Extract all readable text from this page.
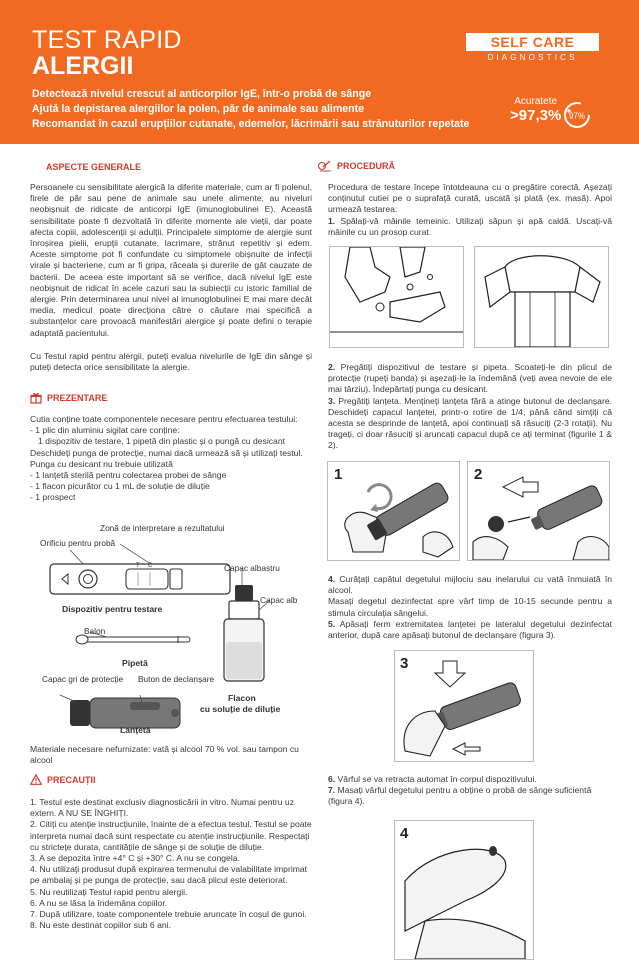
TEST RAPID
ALERGII
Detectează nivelul crescut al anticorpilor IgE, într-o probă de sânge
Ajută la depistarea alergiilor la polen, păr de animale sau alimente
Recomandat în cazul erupțiilor cutanate, edemelor, lăcrimării sau strănuturilor repetate
SELF CARE
DIAGNOSTICS
Acuratete
>97,3% 97%
ASPECTE GENERALE

Persoanele cu sensibilitate alergică la diferite materiale, cum ar fi polenul, firele de păr sau pene de animale sau unele alimente, au niveluri neobișnuit de ridicate de anticorpi IgE (imunoglobulinei E). Această sensibilitate poate fi dezvoltată în diferite momente ale vieții, dar poate afecta copiii, adolescenții și adulții. Principalele simptome de alergie sunt înroșirea pielii, erupții cutanate, lacrimare, strănut repetitiv și edem. Aceste simptome pot fi confundate cu simptomele obișnuite de infecții virale și bacteriene, cum ar fi gripa, răceala și durerile de gât cauzate de bacterii. De aceea este important să se verifice, dacă nivelul IgE este neobișnuit de ridicat în acele cazuri sau la subiecții cu istoric familial de alergie. Prin determinarea unui nivel al imunoglobulinei E mai mare decât media, medicul poate direcționa către o căutare mai specifică a substanțelor care provoacă manifestări alergice și poate defini o terapie adaptată pacientului.

Cu Testul rapid pentru alergii, puteți evalua nivelurile de IgE din sânge și puteți detecta orice sensibilitate la alergie.

PREZENTARE
Cutia conține toate componentele necesare pentru efectuarea testului:
- 1 plic din aluminiu sigilat care conține:
1 dispozitiv de testare, 1 pipetă din plastic și o pungă cu desicant
Deschideți punga de protecție, numai dacă urmează să și utilizați testul. Punga cu desicant nu trebuie utilizată
- 1 lanțetă sterilă pentru colectarea probei de sânge
- 1 flacon picurător cu 1 mL de soluție de diluție
- 1 prospect
Zonă de interpretare a rezultatului
Orificiu pentru probă
T C	Capac albastru
Capac alb
Dispozitiv pentru testare
Balon
Pipetă
Capac gri de protecție Buton de declanșare
Flacon
cu soluție de diluție
Lanțetă
Materiale necesare nefurnizate: vată și alcool 70 % vol. sau tampon cu alcool
PRECAUȚII
1. Testul este destinat exclusiv diagnosticării in vitro. Numai pentru uz extern. A NU SE ÎNGHIȚI.
2. Citiți cu atenție instrucțiunile, înainte de a efectua testul. Testul se poate interpreta numai dacă sunt respectate cu atenție instrucțiunile. Respectați cu strictețe durata, cantitățile de sânge și de soluție de diluție.
3. A se depozita între +4° C și +30° C. A nu se congela.
4. Nu utilizați produsul după expirarea termenului de valabilitate imprimat pe ambalaj și pe punga de protecție, sau dacă plicul este deteriorat.
5. Nu reutilizați Testul rapid pentru alergii.
6. A nu se lăsa la îndemâna copiilor.
7. După utilizare, toate componentele trebuie aruncate în coșul de gunoi.
8. Nu este destinat copiilor sub 6 ani.
PROCEDURĂ

Procedura de testare începe întotdeauna cu o pregătire corectă. Așezați conținutul cutiei pe o suprafață curată, uscată și plată (ex. masă). Apoi urmează testarea:

1. Spălați-vă mâinile temeinic. Utilizați săpun și apă caldă. Uscați-vă mâinile cu un prosop curat.

2. Pregătiți dispozitivul de testare și pipeta. Scoateți-le din plicul de protecție (rupeți banda) și așezați-le la îndemână (veți avea nevoie de ele mai târziu). Îndepărtați punga cu desicant.

3. Pregătiți lanțeta. Mențineți lanțeta fără a atinge butonul de declanșare. Deschideți capacul lanțetei, printr-o rotire de 1/4, până când simțiți că acesta se desprinde de lanțetă, apoi continuați să răsuciți (2-3 rotații). Nu trageți, ci doar răsuciți și aruncați capacul după ce ați terminat (figurile 1 & 2).

1	2

4. Curățați capătul degetului mijlociu sau inelarului cu vată înmuiată în alcool.

Masați degetul dezinfectat spre vârf timp de 10-15 secunde pentru a stimula circulația sângelui.

5. Apăsați ferm extremitatea lanțetei pe lateralul degetului dezinfectat anterior, după care apăsați butonul de declanșare (figura 3).

3

6. Vârful se va retracta automat în corpul dispozitivului.

7. Masați vârful degetului pentru a obține o probă de sânge suficientă (figura 4).

4
